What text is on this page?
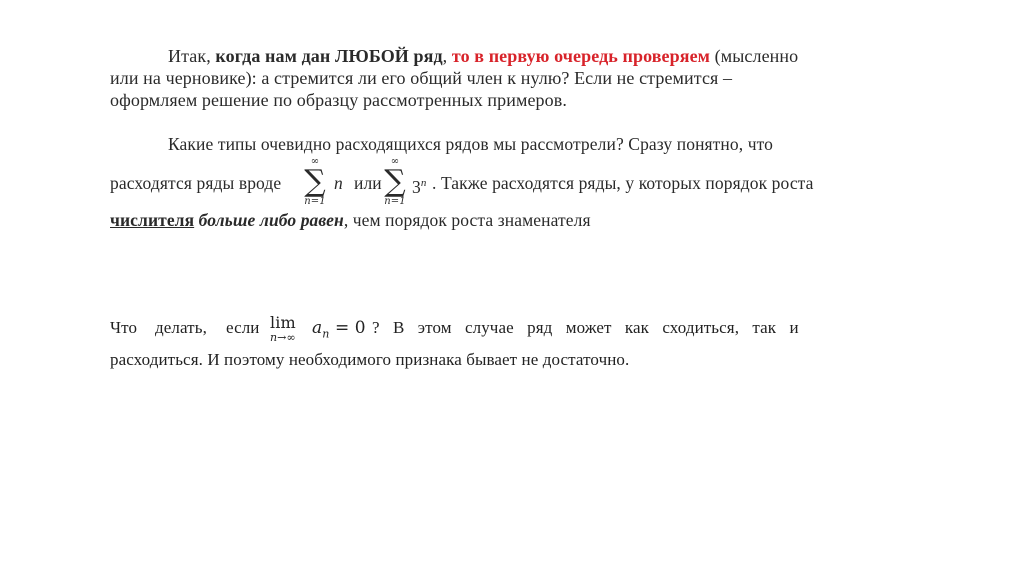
Итак, когда нам дан ЛЮБОЙ ряд, то в первую очередь проверяем (мысленно
или на черновике): а стремится ли его общий член к нулю? Если не стремится –
оформляем решение по образцу рассмотренных примеров.
Какие типы очевидно расходящихся рядов мы рассмотрели? Сразу понятно, что
расходятся ряды вроде
∞
∑
n=1
n или
∞
∑
n=1
3$^n$ . Также расходятся ряды, у которых порядок роста
числителя больше либо равен, чем порядок роста знаменателя
Что делать, если lim
n→∞ $a_n = 0$ ? В этом случае ряд может как сходиться, так и
расходиться. И поэтому необходимого признака бывает не достаточно.
